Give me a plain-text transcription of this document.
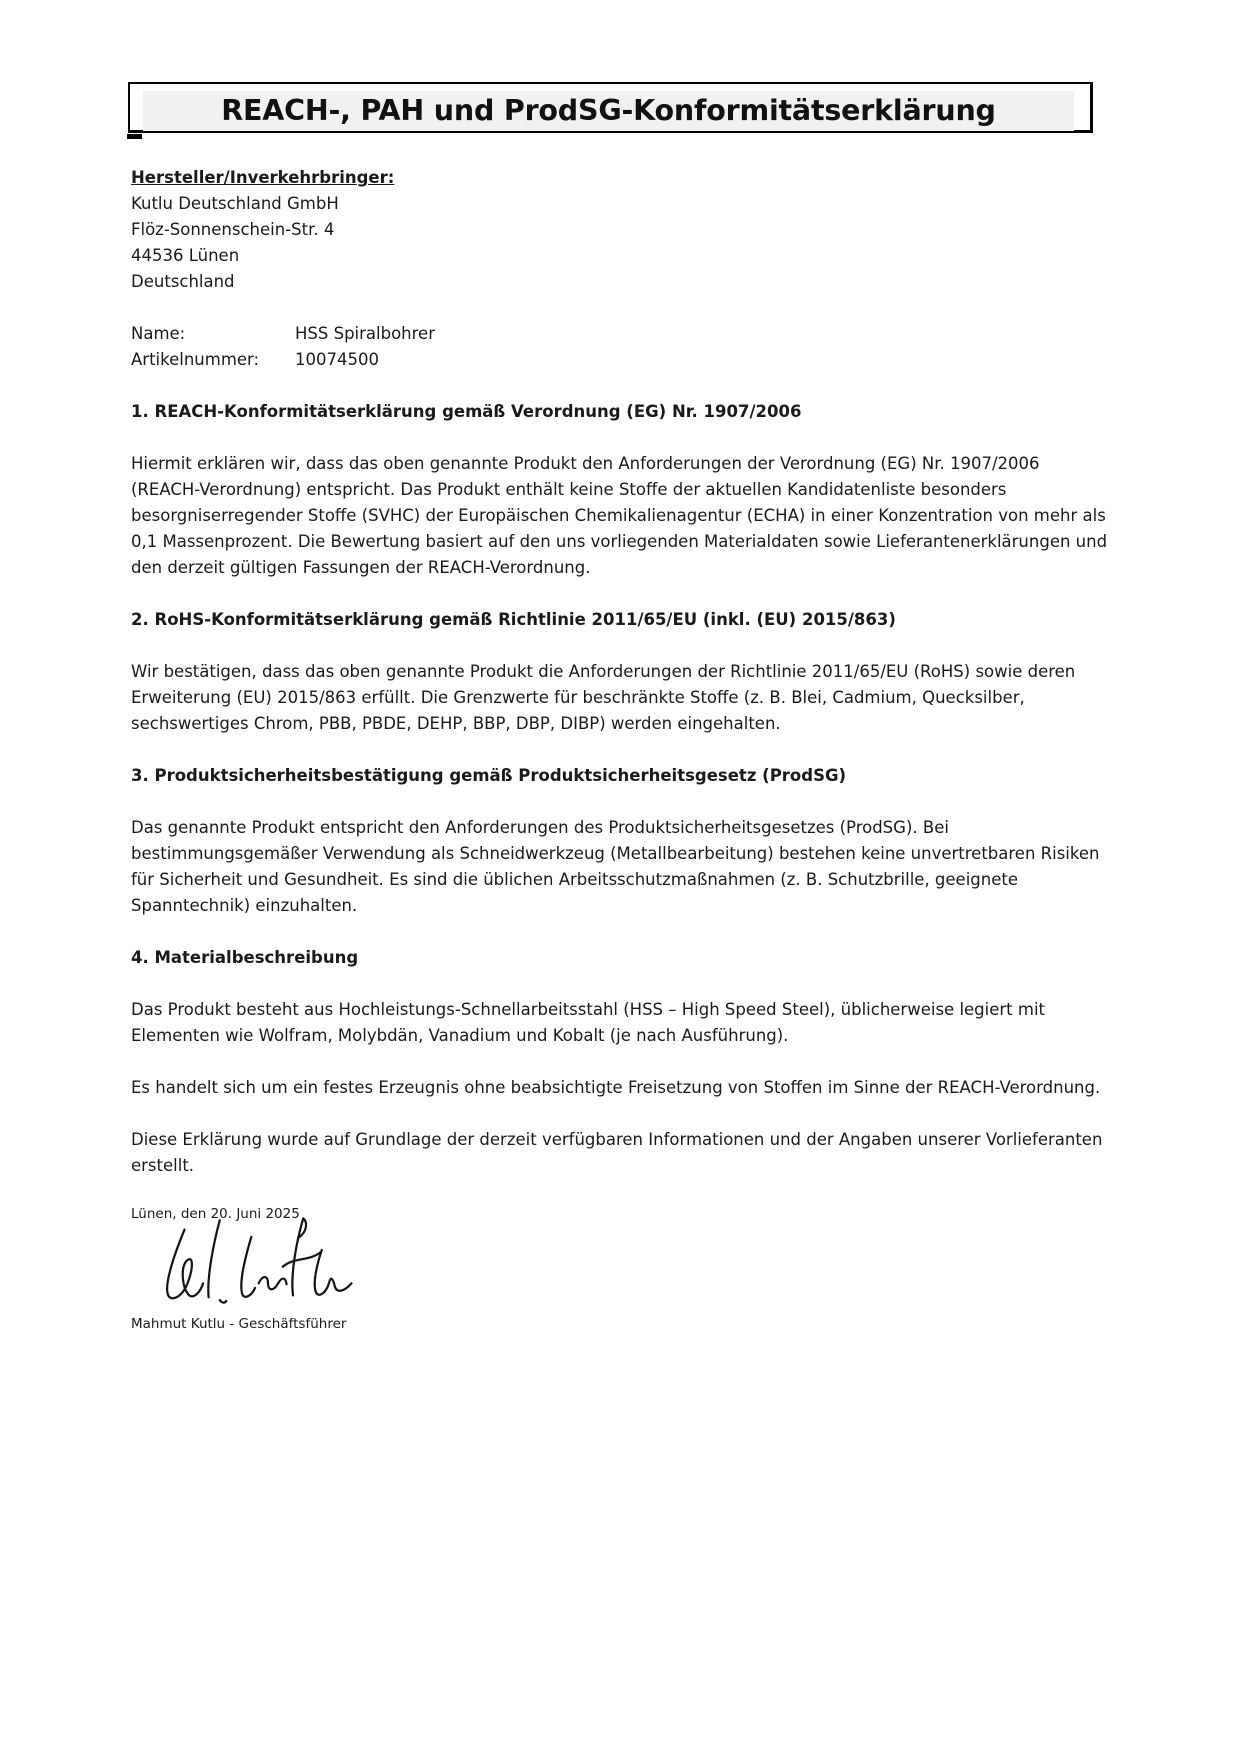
REACH-, PAH und ProdSG-Konformitätserklärung

Hersteller/Inverkehrbringer:

Kutlu Deutschland GmbH

Flöz-Sonnenschein-Str. 4

44536 Lünen

Deutschland

Name:	HSS Spiralbohrer
Artikelnummer:	10074500
1. REACH-Konformitätserklärung gemäß Verordnung (EG) Nr. 1907/2006

Hiermit erklären wir, dass das oben genannte Produkt den Anforderungen der Verordnung (EG) Nr. 1907/2006 (REACH-Verordnung) entspricht. Das Produkt enthält keine Stoffe der aktuellen Kandidatenliste besonders besorgniserregender Stoffe (SVHC) der Europäischen Chemikalienagentur (ECHA) in einer Konzentration von mehr als 0,1 Massenprozent. Die Bewertung basiert auf den uns vorliegenden Materialdaten sowie Lieferantenerklärungen und den derzeit gültigen Fassungen der REACH-Verordnung.

2. RoHS-Konformitätserklärung gemäß Richtlinie 2011/65/EU (inkl. (EU) 2015/863)

Wir bestätigen, dass das oben genannte Produkt die Anforderungen der Richtlinie 2011/65/EU (RoHS) sowie deren Erweiterung (EU) 2015/863 erfüllt. Die Grenzwerte für beschränkte Stoffe (z. B. Blei, Cadmium, Quecksilber, sechswertiges Chrom, PBB, PBDE, DEHP, BBP, DBP, DIBP) werden eingehalten.

3. Produktsicherheitsbestätigung gemäß Produktsicherheitsgesetz (ProdSG)

Das genannte Produkt entspricht den Anforderungen des Produktsicherheitsgesetzes (ProdSG). Bei bestimmungsgemäßer Verwendung als Schneidwerkzeug (Metallbearbeitung) bestehen keine unvertretbaren Risiken für Sicherheit und Gesundheit. Es sind die üblichen Arbeitsschutzmaßnahmen (z. B. Schutzbrille, geeignete Spanntechnik) einzuhalten.

4. Materialbeschreibung

Das Produkt besteht aus Hochleistungs-Schnellarbeitsstahl (HSS – High Speed Steel), üblicherweise legiert mit Elementen wie Wolfram, Molybdän, Vanadium und Kobalt (je nach Ausführung).

Es handelt sich um ein festes Erzeugnis ohne beabsichtigte Freisetzung von Stoffen im Sinne der REACH-Verordnung.

Diese Erklärung wurde auf Grundlage der derzeit verfügbaren Informationen und der Angaben unserer Vorlieferanten erstellt.

Lünen, den 20. Juni 2025

Mahmut Kutlu - Geschäftsführer
